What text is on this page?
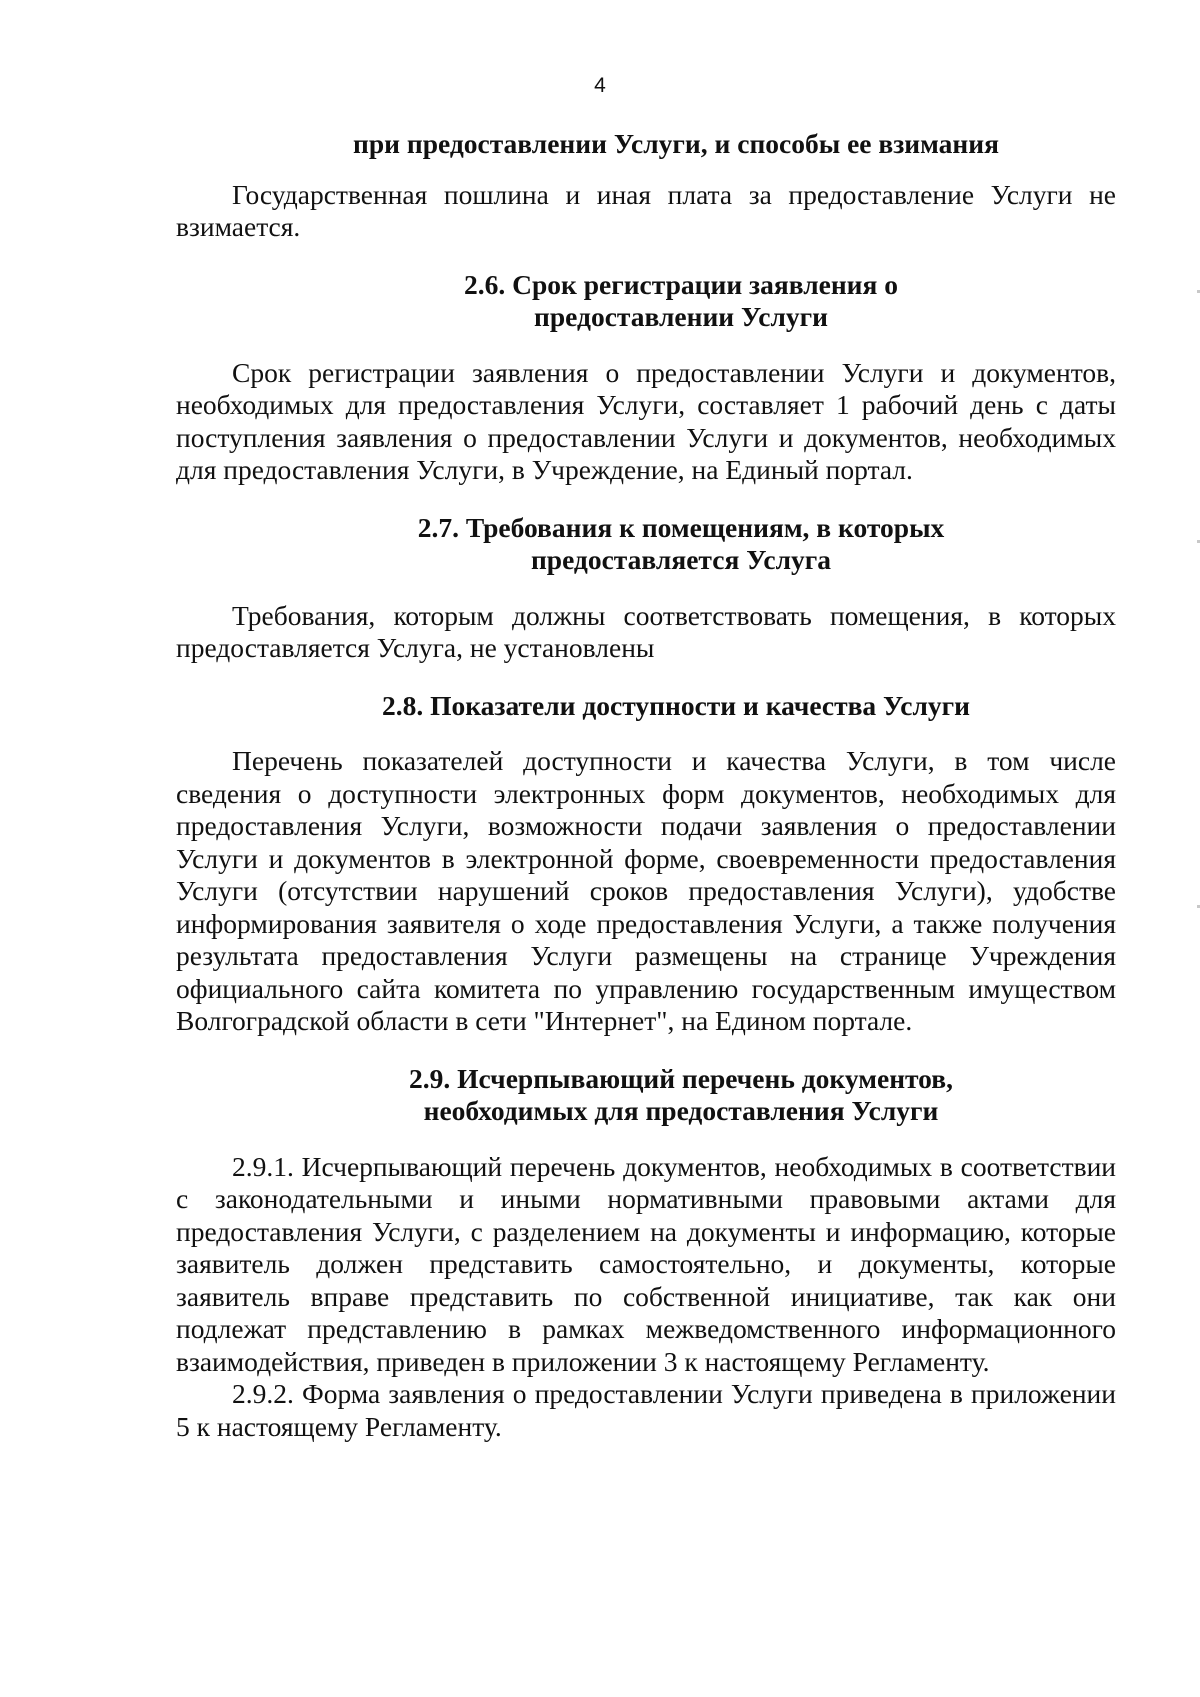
4

при предоставлении Услуги, и способы ее взимания

Государственная пошлина и иная плата за предоставление Услуги не взимается.

2.6. Срок регистрации заявления о предоставлении Услуги

Срок регистрации заявления о предоставлении Услуги и документов, необходимых для предоставления Услуги, составляет 1 рабочий день с даты поступления заявления о предоставлении Услуги и документов, необходимых для предоставления Услуги, в Учреждение, на Единый портал.

2.7. Требования к помещениям, в которых предоставляется Услуга

Требования, которым должны соответствовать помещения, в которых предоставляется Услуга, не установлены

2.8. Показатели доступности и качества Услуги

Перечень показателей доступности и качества Услуги, в том числе сведения о доступности электронных форм документов, необходимых для предоставления Услуги, возможности подачи заявления о предоставлении Услуги и документов в электронной форме, своевременности предоставления Услуги (отсутствии нарушений сроков предоставления Услуги), удобстве информирования заявителя о ходе предоставления Услуги, а также получения результата предоставления Услуги размещены на странице Учреждения официального сайта комитета по управлению государственным имуществом Волгоградской области в сети "Интернет", на Едином портале.

2.9. Исчерпывающий перечень документов, необходимых для предоставления Услуги

2.9.1. Исчерпывающий перечень документов, необходимых в соответствии с законодательными и иными нормативными правовыми актами для предоставления Услуги, с разделением на документы и информацию, которые заявитель должен представить самостоятельно, и документы, которые заявитель вправе представить по собственной инициативе, так как они подлежат представлению в рамках межведомственного информационного взаимодействия, приведен в приложении 3 к настоящему Регламенту.

2.9.2. Форма заявления о предоставлении Услуги приведена в приложении 5 к настоящему Регламенту.
